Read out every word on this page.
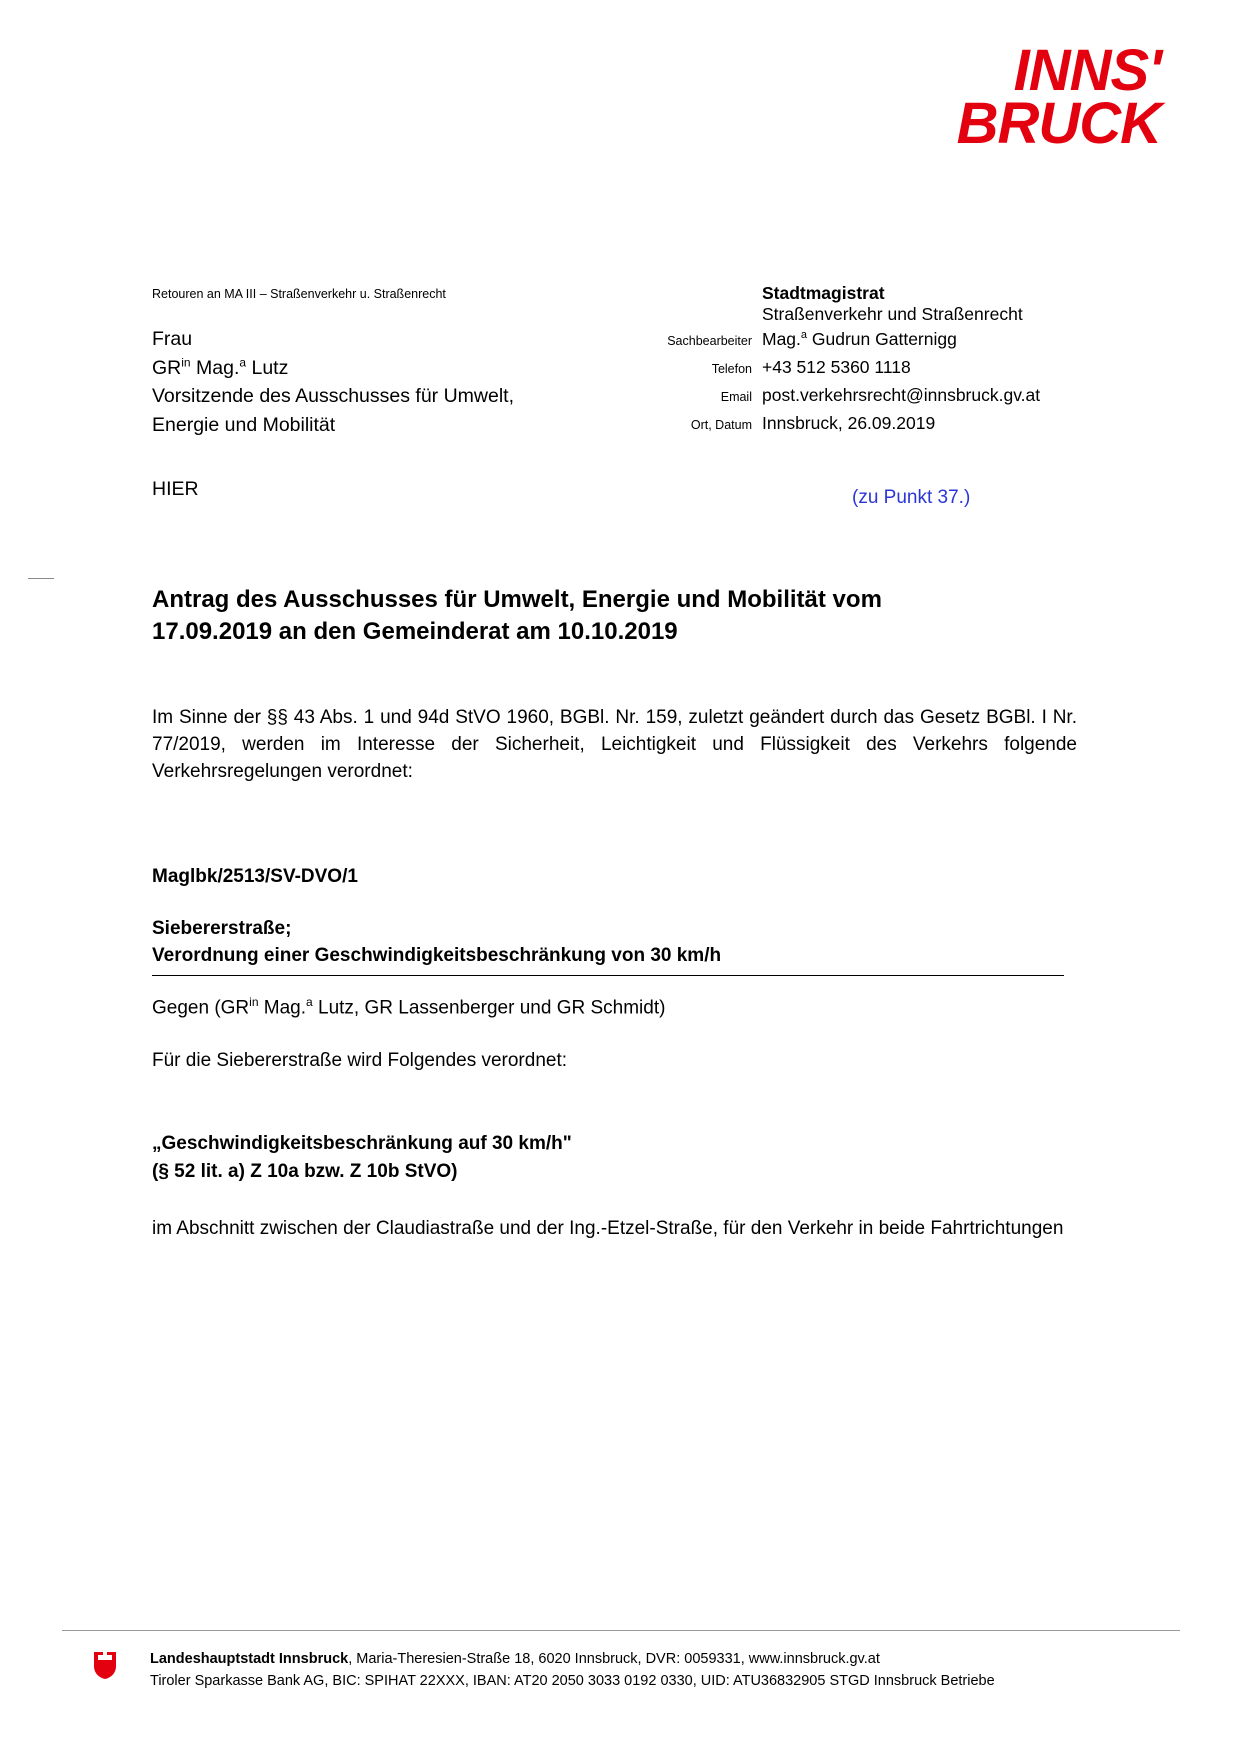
INNS'
BRUCK
Retouren an MA III – Straßenverkehr u. Straßenrecht
Frau
$GR^{in}$ Mag.$^a$ Lutz
Vorsitzende des Ausschusses für Umwelt,
Energie und Mobilität
HIER
Stadtmagistrat
Straßenverkehr und Straßenrecht
Sachbearbeiter Mag.$^a$ Gudrun Gatternigg
Telefon +43 512 5360 1118
Email post.verkehrsrecht@innsbruck.gv.at
Ort, Datum Innsbruck, 26.09.2019
(zu Punkt 37.)
Antrag des Ausschusses für Umwelt, Energie und Mobilität vom
17.09.2019 an den Gemeinderat am 10.10.2019
Im Sinne der §§ 43 Abs. 1 und 94d StVO 1960, BGBl. Nr. 159, zuletzt geändert durch das Gesetz BGBl. I Nr. 77/2019, werden im Interesse der Sicherheit, Leichtigkeit und Flüssigkeit des Verkehrs folgende Verkehrsregelungen verordnet:
Maglbk/2513/SV-DVO/1
Siebererstraße;
Verordnung einer Geschwindigkeitsbeschränkung von 30 km/h
Gegen ($GR^{in}$ Mag.$^a$ Lutz, GR Lassenberger und GR Schmidt)
Für die Siebererstraße wird Folgendes verordnet:
„Geschwindigkeitsbeschränkung auf 30 km/h"
(§ 52 lit. a) Z 10a bzw. Z 10b StVO)
im Abschnitt zwischen der Claudiastraße und der Ing.-Etzel-Straße, für den Verkehr in beide Fahrtrichtungen
Landeshauptstadt Innsbruck, Maria-Theresien-Straße 18, 6020 Innsbruck, DVR: 0059331, www.innsbruck.gv.at
Tiroler Sparkasse Bank AG, BIC: SPIHAT 22XXX, IBAN: AT20 2050 3033 0192 0330, UID: ATU36832905 STGD Innsbruck Betriebe
